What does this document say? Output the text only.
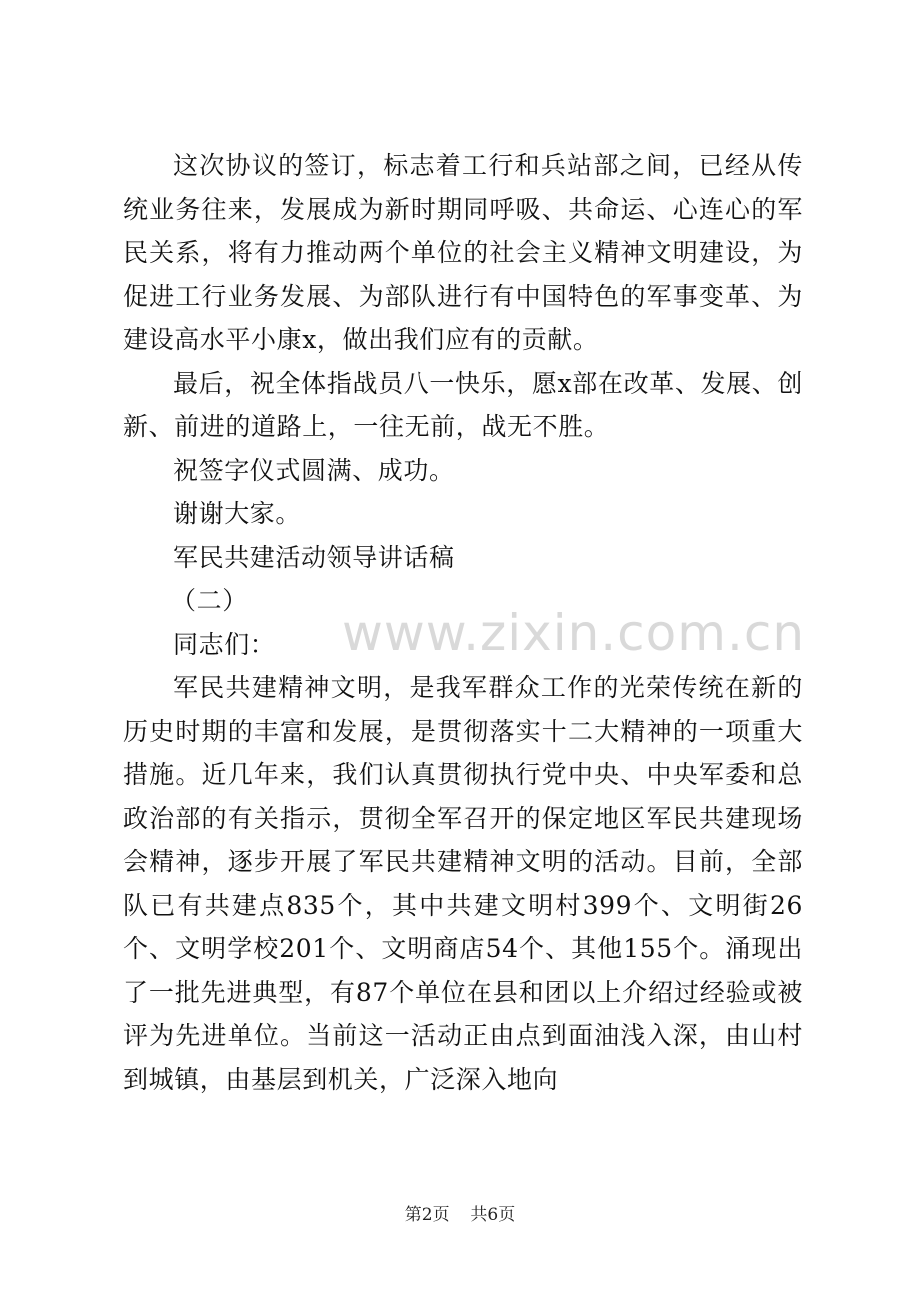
这次协议的签订，标志着工行和兵站部之间，已经从传统业务往来，发展成为新时期同呼吸、共命运、心连心的军民关系，将有力推动两个单位的社会主义精神文明建设，为促进工行业务发展、为部队进行有中国特色的军事变革、为建设高水平小康x，做出我们应有的贡献。

最后，祝全体指战员八一快乐，愿x部在改革、发展、创新、前进的道路上，一往无前，战无不胜。

祝签字仪式圆满、成功。

谢谢大家。

军民共建活动领导讲话稿

（二）

同志们：

军民共建精神文明，是我军群众工作的光荣传统在新的历史时期的丰富和发展，是贯彻落实十二大精神的一项重大措施。近几年来，我们认真贯彻执行党中央、中央军委和总政治部的有关指示，贯彻全军召开的保定地区军民共建现场会精神，逐步开展了军民共建精神文明的活动。目前，全部队已有共建点835个，其中共建文明村399个、文明街26个、文明学校201个、文明商店54个、其他155个。涌现出了一批先进典型，有87个单位在县和团以上介绍过经验或被评为先进单位。当前这一活动正由点到面油浅入深，由山村到城镇，由基层到机关，广泛深入地向

www.zixin.com.cn
第2页 共6页
